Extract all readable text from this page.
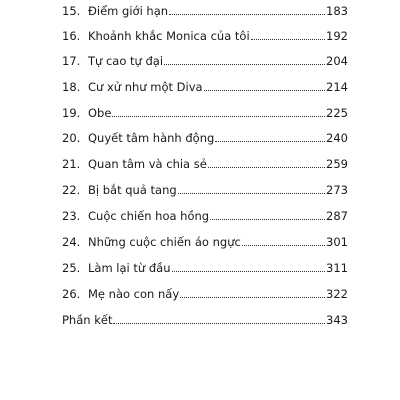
15. Điểm giới hạn	183
16. Khoảnh khắc Monica của tôi	192
17. Tự cao tự đại	204
18. Cư xử như một Diva	214
19. Obe	225
20. Quyết tâm hành động	240
21. Quan tâm và chia sẻ	259
22. Bị bắt quả tang	273
23. Cuộc chiến hoa hồng	287
24. Những cuộc chiến áo ngực	301
25. Làm lại từ đầu	311
26. Mẹ nào con nấy	322
Phần kết	343
